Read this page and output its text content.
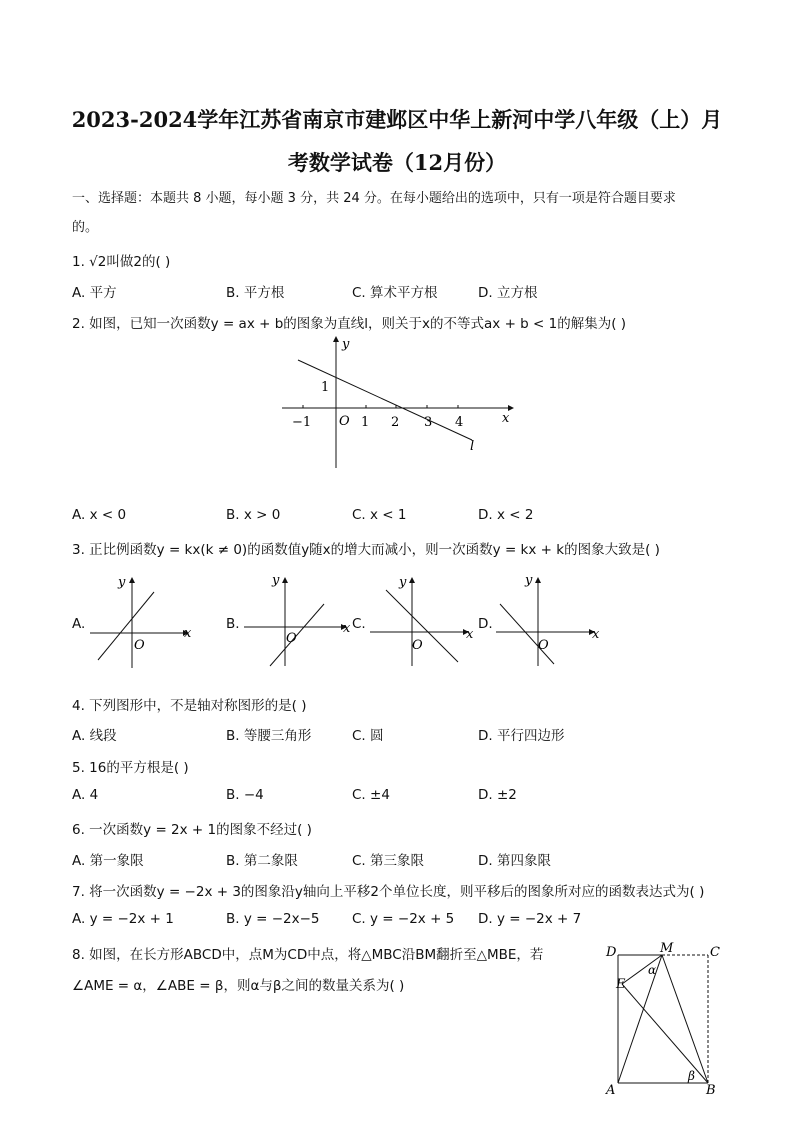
2023-2024学年江苏省南京市建邺区中华上新河中学八年级（上）月
考数学试卷（12月份）
一、选择题：本题共 8 小题，每小题 3 分，共 24 分。在每小题给出的选项中，只有一项是符合题目要求
的。
1. √2叫做2的( )
A. 平方	B. 平方根	C. 算术平方根	D. 立方根
2. 如图，已知一次函数y = ax + b的图象为直线l，则关于x的不等式ax + b < 1的解集为( )
y
x
O
1
−1	1 2 3 4
l
A. x < 0	B. x > 0	C. x < 1	D. x < 2
3. 正比例函数y = kx(k ≠ 0)的函数值y随x的增大而减小，则一次函数y = kx + k的图象大致是( )
A.
y
x
O
B.
y
x
O
C.
y
x
O
D.
y
x
O
4. 下列图形中，不是轴对称图形的是( )
A. 线段	B. 等腰三角形	C. 圆	D. 平行四边形
5. 16的平方根是( )
A. 4	B. −4	C. ±4	D. ±2
6. 一次函数y = 2x + 1的图象不经过( )
A. 第一象限	B. 第二象限	C. 第三象限	D. 第四象限
7. 将一次函数y = −2x + 3的图象沿y轴向上平移2个单位长度，则平移后的图象所对应的函数表达式为( )
A. y = −2x + 1	B. y = −2x−5 C. y = −2x + 5 D. y = −2x + 7
8. 如图，在长方形ABCD中，点M为CD中点，将△MBC沿BM翻折至△MBE，若
∠AME = α，∠ABE = β，则α与β之间的数量关系为( )
D	M	C
E
α
β
A	B
